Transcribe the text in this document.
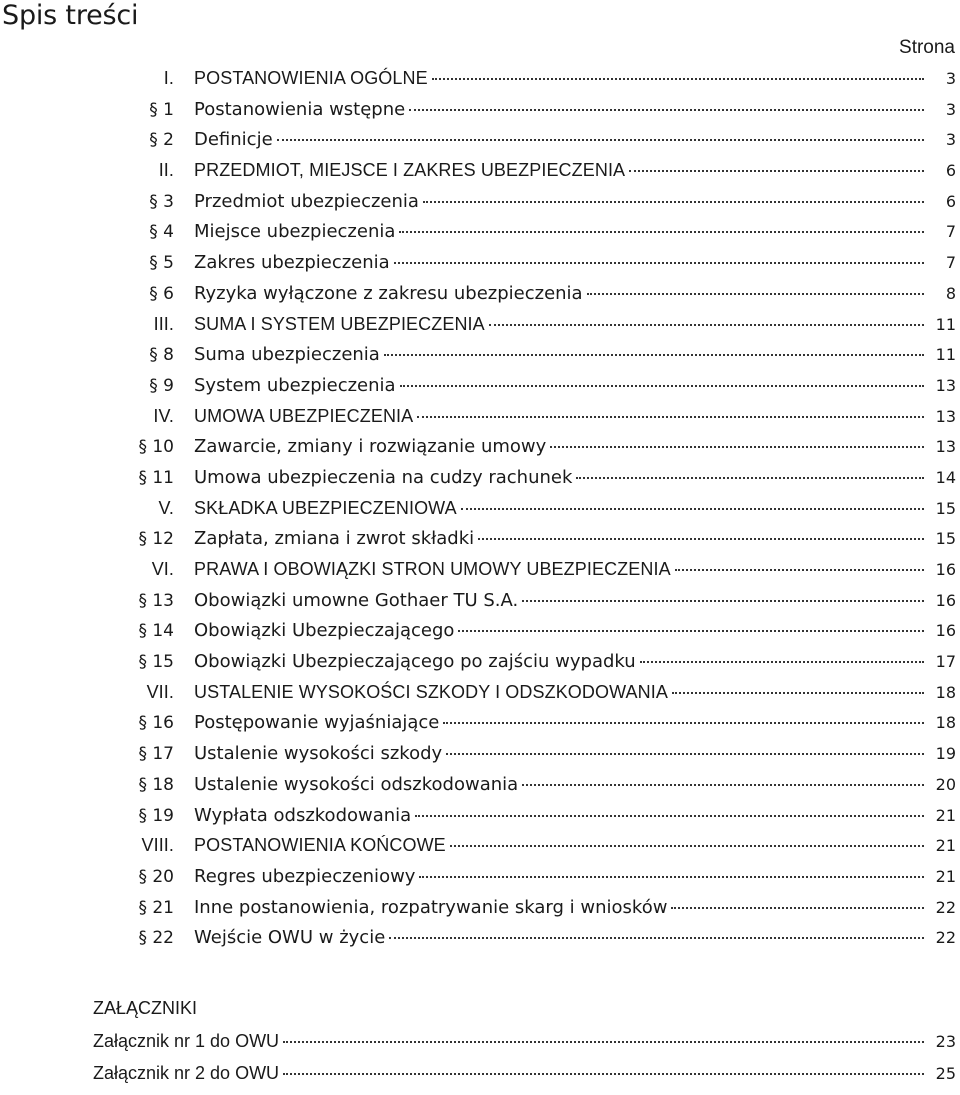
Spis treści
Strona
I.	POSTANOWIENIA OGÓLNE	3
§ 1	Postanowienia wstępne	3
§ 2	Definicje	3
II.	PRZEDMIOT, MIEJSCE I ZAKRES UBEZPIECZENIA	6
§ 3	Przedmiot ubezpieczenia	6
§ 4	Miejsce ubezpieczenia	7
§ 5	Zakres ubezpieczenia	7
§ 6	Ryzyka wyłączone z zakresu ubezpieczenia	8
III.	SUMA I SYSTEM UBEZPIECZENIA	11
§ 8	Suma ubezpieczenia	11
§ 9	System ubezpieczenia	13
IV.	UMOWA UBEZPIECZENIA	13
§ 10	Zawarcie, zmiany i rozwiązanie umowy	13
§ 11	Umowa ubezpieczenia na cudzy rachunek	14
V.	SKŁADKA UBEZPIECZENIOWA	15
§ 12	Zapłata, zmiana i zwrot składki	15
VI.	PRAWA I OBOWIĄZKI STRON UMOWY UBEZPIECZENIA	16
§ 13	Obowiązki umowne Gothaer TU S.A.	16
§ 14	Obowiązki Ubezpieczającego	16
§ 15	Obowiązki Ubezpieczającego po zajściu wypadku	17
VII.	USTALENIE WYSOKOŚCI SZKODY I ODSZKODOWANIA	18
§ 16	Postępowanie wyjaśniające	18
§ 17	Ustalenie wysokości szkody	19
§ 18	Ustalenie wysokości odszkodowania	20
§ 19	Wypłata odszkodowania	21
VIII.	POSTANOWIENIA KOŃCOWE	21
§ 20	Regres ubezpieczeniowy	21
§ 21	Inne postanowienia, rozpatrywanie skarg i wniosków	22
§ 22	Wejście OWU w życie	22
ZAŁĄCZNIKI
Załącznik nr 1 do OWU	23
Załącznik nr 2 do OWU	25
